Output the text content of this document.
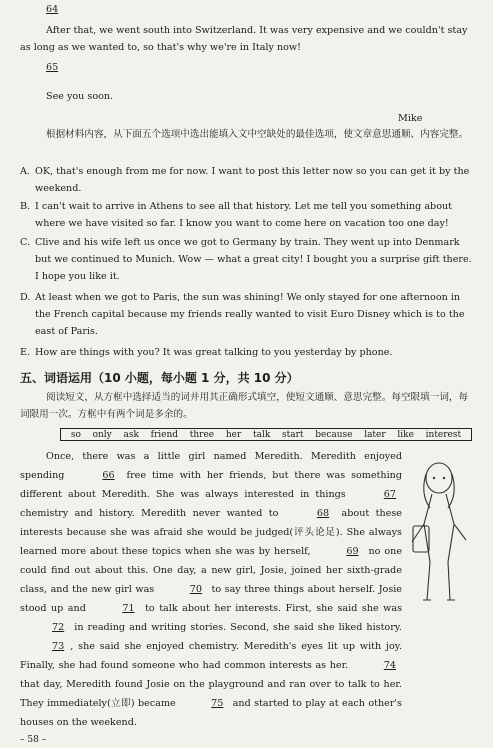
64
After that, we went south into Switzerland. It was very expensive and we couldn't stay as long as we wanted to, so that's why we're in Italy now!
65
See you soon.
Mike
根据材料内容，从下面五个选项中选出能填入文中空缺处的最佳选项，使文章意思通顺、内容完整。
A. OK, that's enough from me for now. I want to post this letter now so you can get it by the weekend.
B. I can't wait to arrive in Athens to see all that history. Let me tell you something about where we have visited so far. I know you want to come here on vacation too one day!
C. Clive and his wife left us once we got to Germany by train. They went up into Denmark but we continued to Munich. Wow — what a great city! I bought you a surprise gift there. I hope you like it.
D. At least when we got to Paris, the sun was shining! We only stayed for one afternoon in the French capital because my friends really wanted to visit Euro Disney which is to the east of Paris.
E. How are things with you? It was great talking to you yesterday by phone.
五、词语运用（10 小题，每小题 1 分，共 10 分）
阅读短文，从方框中选择适当的词并用其正确形式填空，使短文通顺、意思完整。每空限填一词，每词限用一次。方框中有两个词是多余的。
so only ask friend three her talk start because later like interest
Once, there was a little girl named Meredith. Meredith enjoyed spending	66 free time with her friends, but there was something different about Meredith. She was always interested in things	67 chemistry and history. Meredith never wanted to	68 about these interests because she was afraid she would be judged(评头论足). She always learned more about these topics when she was by herself,	69 no one could find out about this. One day, a new girl, Josie, joined her sixth-grade class, and the new girl was	70 to say three things about herself. Josie stood up and	71 to talk about her interests. First, she said she was 72 in reading and writing stories. Second, she said she liked history. 73 , she said she enjoyed chemistry. Meredith's eyes lit up with joy. Finally, she had found someone who had common interests as her.	74 that day, Meredith found Josie on the playground and ran over to talk to her. They immediately(立即) became	75 and started to play at each other's houses on the weekend.
– 58 –
